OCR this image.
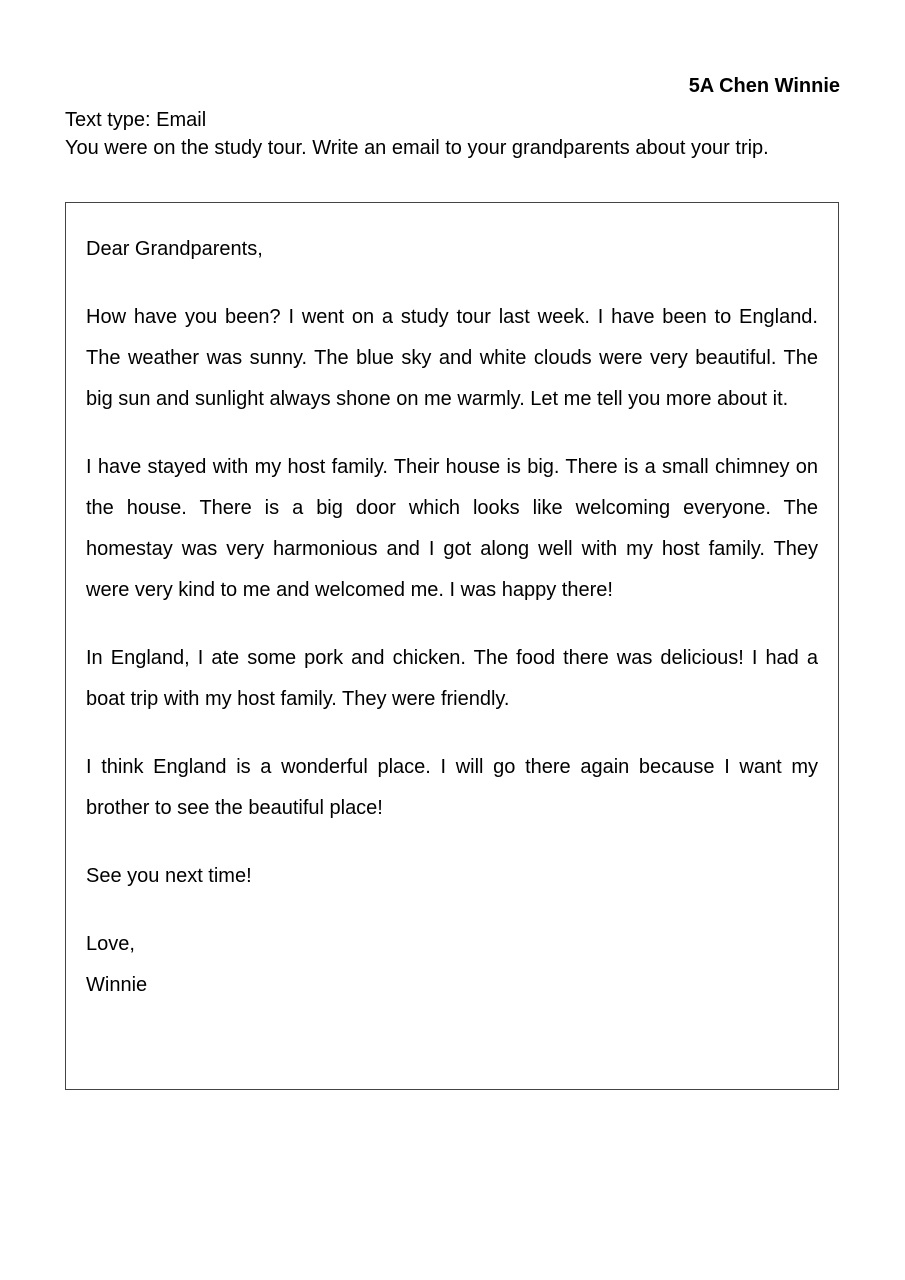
5A Chen Winnie
Text type: Email
You were on the study tour. Write an email to your grandparents about your trip.

Dear Grandparents,

How have you been? I went on a study tour last week. I have been to England. The weather was sunny. The blue sky and white clouds were very beautiful. The big sun and sunlight always shone on me warmly. Let me tell you more about it.

I have stayed with my host family. Their house is big. There is a small chimney on the house. There is a big door which looks like welcoming everyone. The homestay was very harmonious and I got along well with my host family. They were very kind to me and welcomed me. I was happy there!

In England, I ate some pork and chicken. The food there was delicious! I had a boat trip with my host family. They were friendly.

I think England is a wonderful place. I will go there again because I want my brother to see the beautiful place!

See you next time!

Love,
Winnie
